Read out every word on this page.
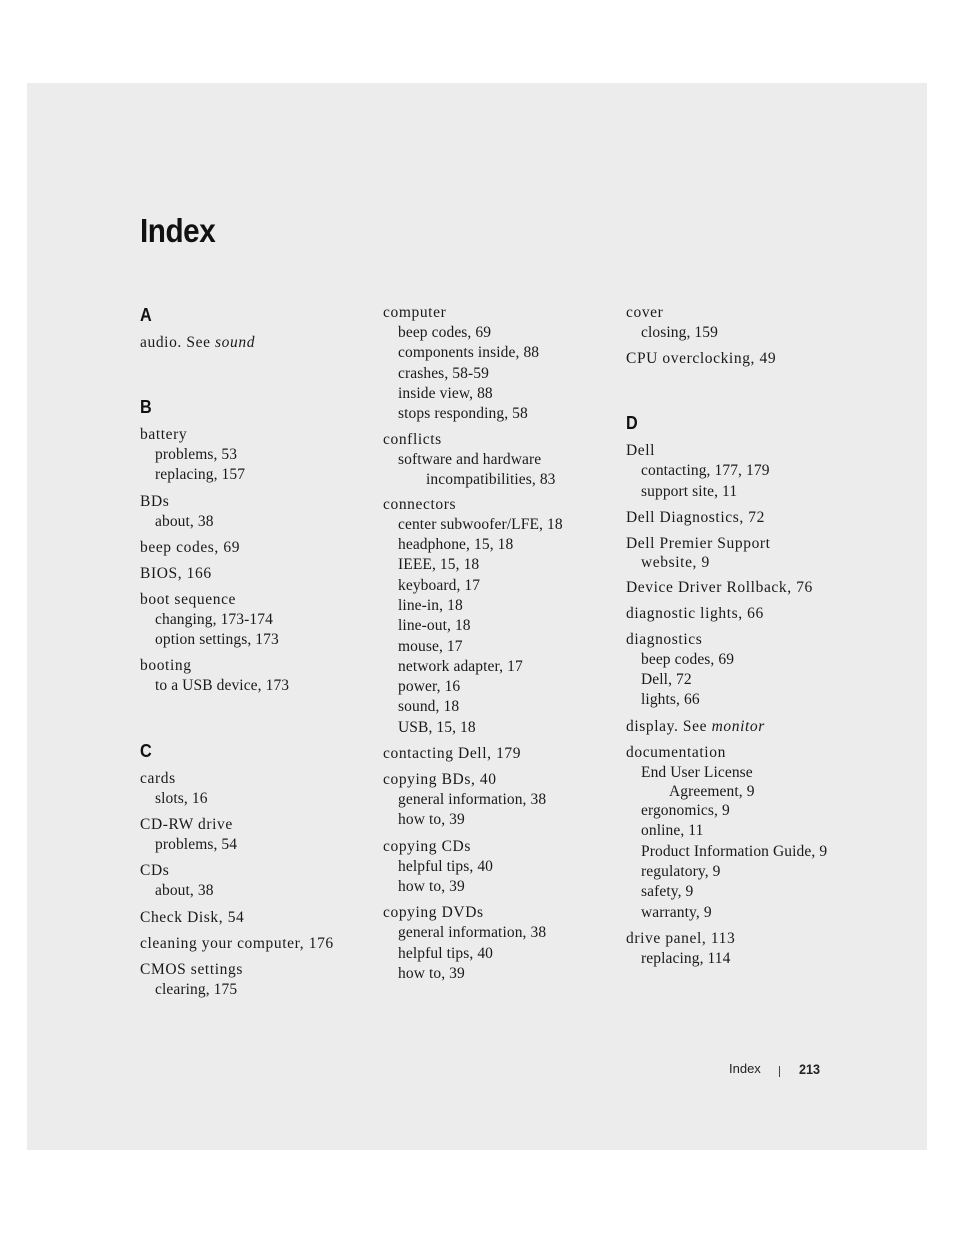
Index
A
audio. See sound
B
battery
problems, 53
replacing, 157
BDs
about, 38
beep codes, 69
BIOS, 166
boot sequence
changing, 173-174
option settings, 173
booting
to a USB device, 173
C
cards
slots, 16
CD-RW drive
problems, 54
CDs
about, 38
Check Disk, 54
cleaning your computer, 176
CMOS settings
clearing, 175
computer
beep codes, 69
components inside, 88
crashes, 58-59
inside view, 88
stops responding, 58
conflicts
software and hardware
incompatibilities, 83
connectors
center subwoofer/LFE, 18
headphone, 15, 18
IEEE, 15, 18
keyboard, 17
line-in, 18
line-out, 18
mouse, 17
network adapter, 17
power, 16
sound, 18
USB, 15, 18
contacting Dell, 179
copying BDs, 40
general information, 38
how to, 39
copying CDs
helpful tips, 40
how to, 39
copying DVDs
general information, 38
helpful tips, 40
how to, 39
cover
closing, 159
CPU overclocking, 49
D
Dell
contacting, 177, 179
support site, 11
Dell Diagnostics, 72
Dell Premier Support
website, 9
Device Driver Rollback, 76
diagnostic lights, 66
diagnostics
beep codes, 69
Dell, 72
lights, 66
display. See monitor
documentation
End User License
Agreement, 9
ergonomics, 9
online, 11
Product Information Guide, 9
regulatory, 9
safety, 9
warranty, 9
drive panel, 113
replacing, 114
Index	213
